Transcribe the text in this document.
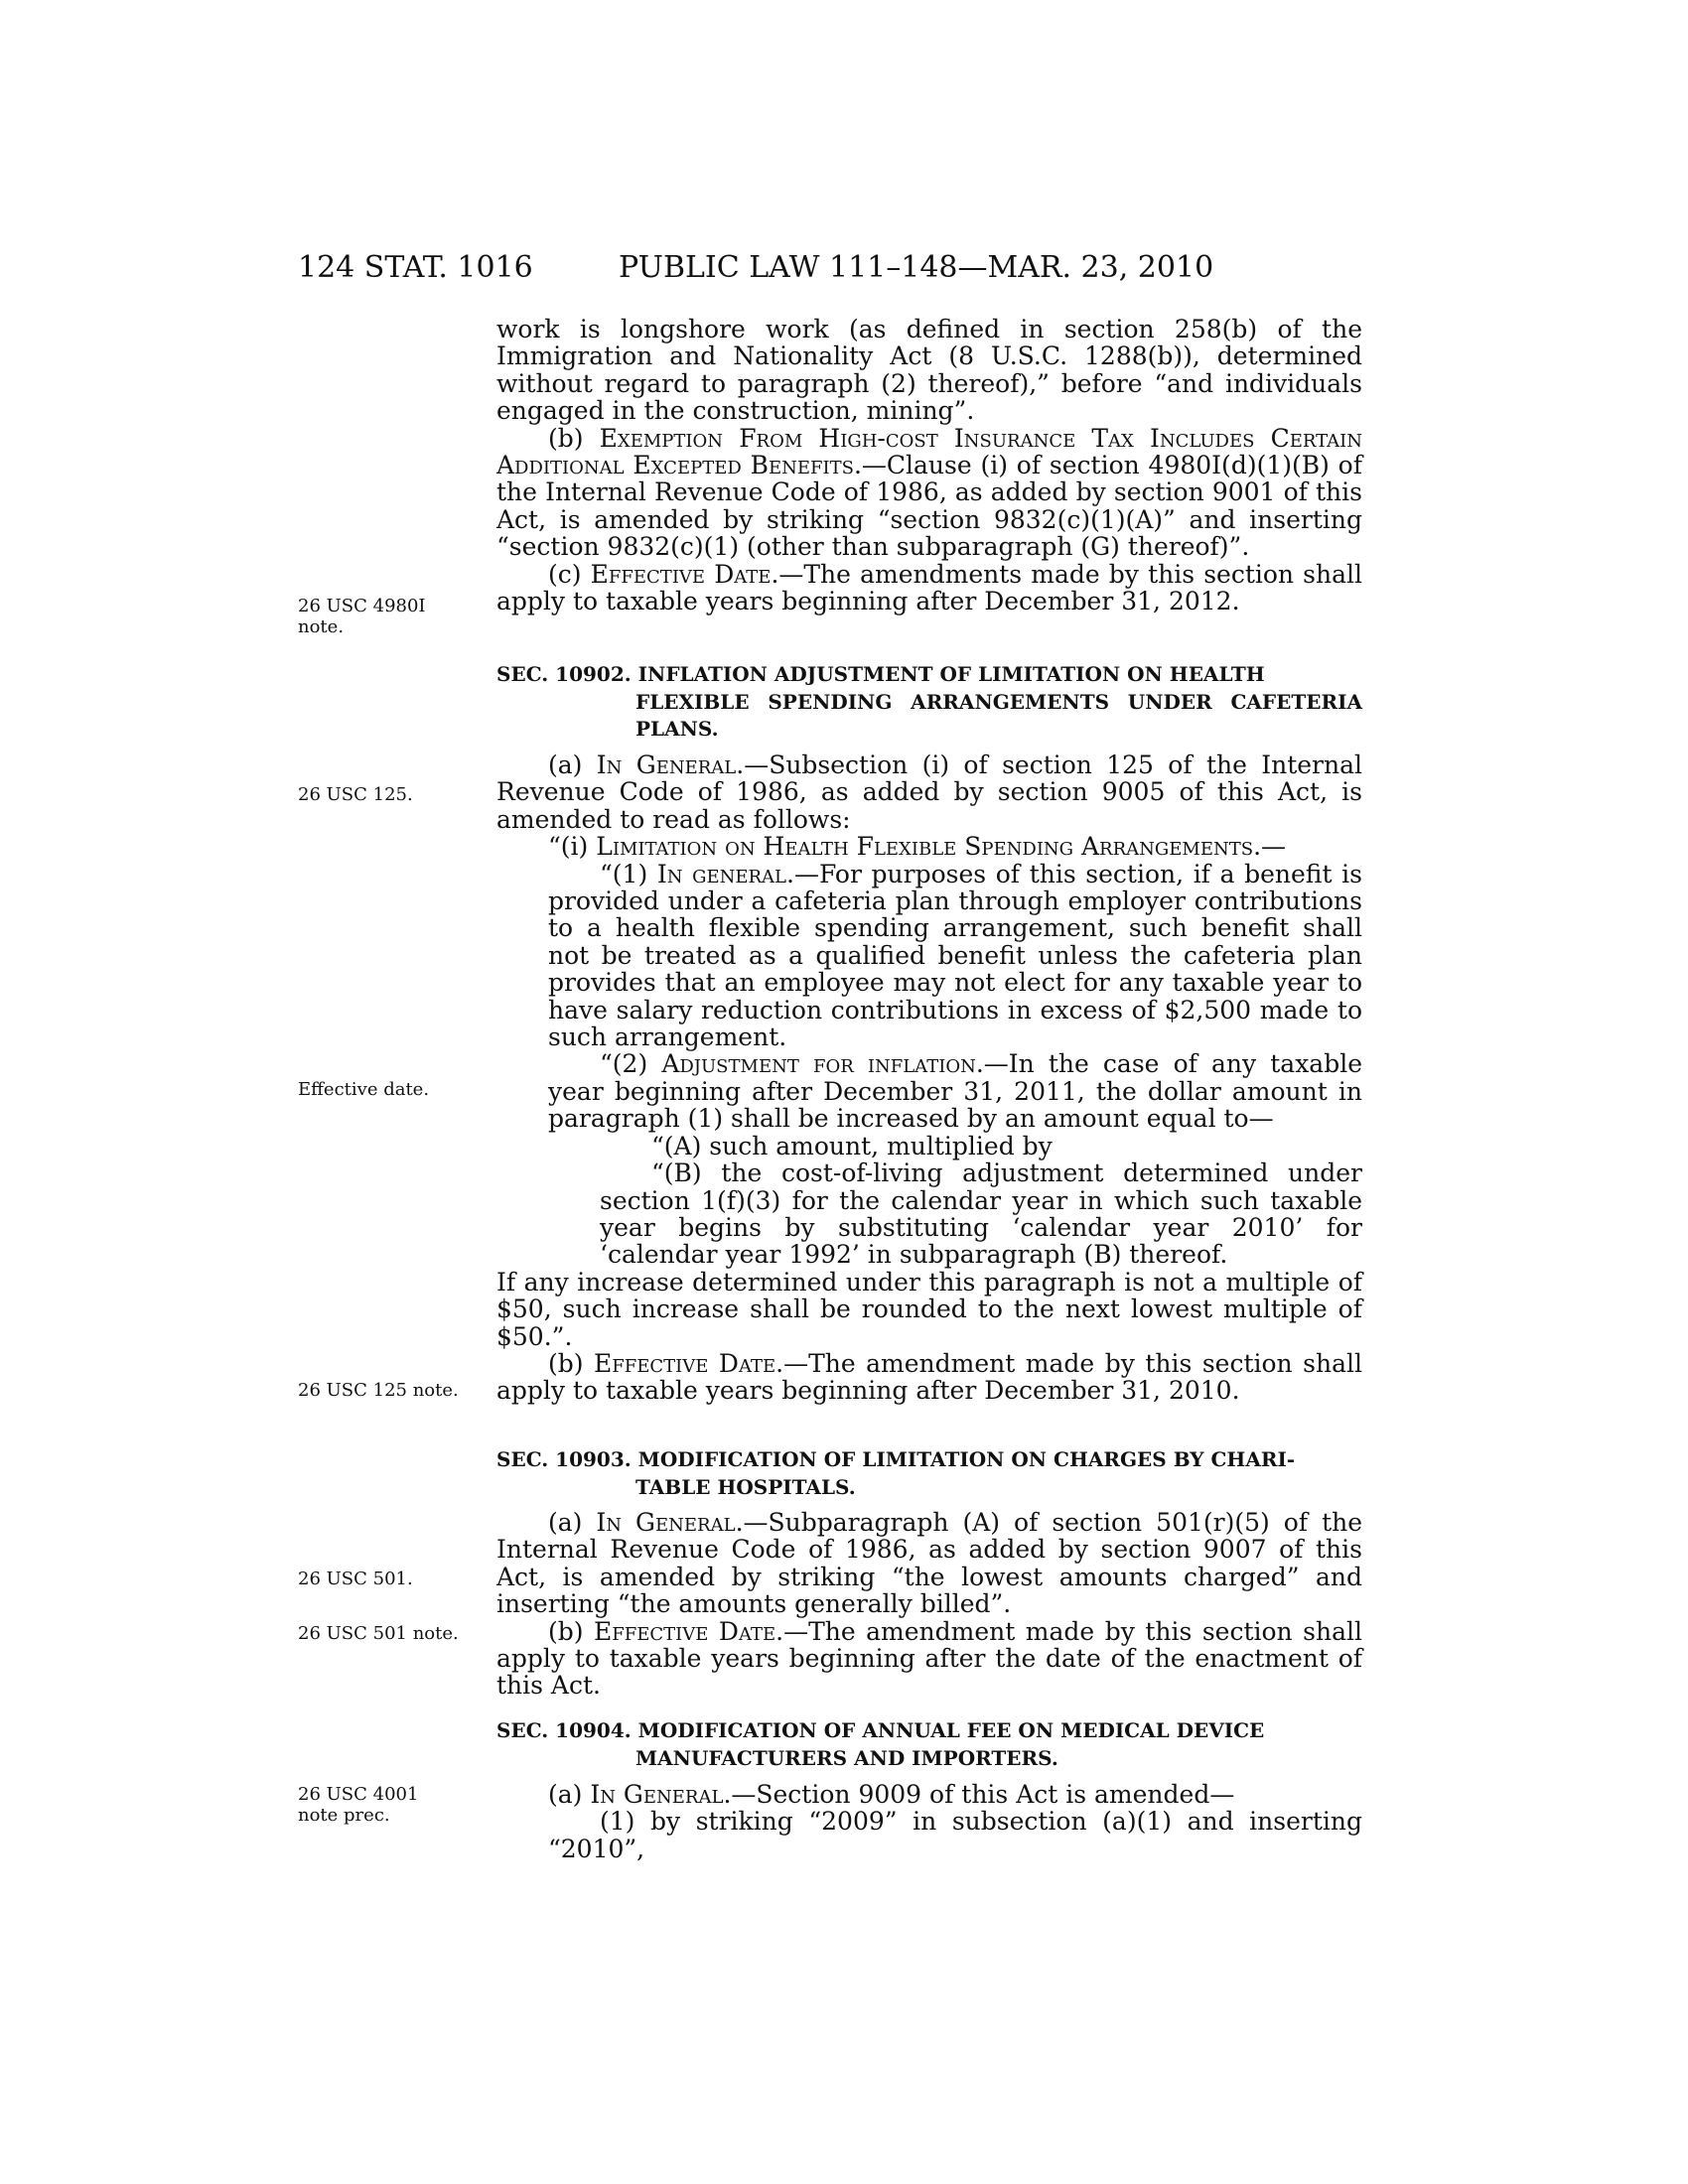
124 STAT. 1016	PUBLIC LAW 111–148—MAR. 23, 2010

work is longshore work (as defined in section 258(b) of the Immigration and Nationality Act (8 U.S.C. 1288(b)), determined without regard to paragraph (2) thereof),” before “and individuals engaged in the construction, mining”.

(b) Exemption From High-cost Insurance Tax Includes Certain Additional Excepted Benefits.—Clause (i) of section 4980I(d)(1)(B) of the Internal Revenue Code of 1986, as added by section 9001 of this Act, is amended by striking “section 9832(c)(1)(A)” and inserting “section 9832(c)(1) (other than subparagraph (G) thereof)”.

(c) Effective Date.—The amendments made by this section shall apply to taxable years beginning after December 31, 2012.

26 USC 4980I
note.

SEC. 10902. INFLATION ADJUSTMENT OF LIMITATION ON HEALTH

FLEXIBLE SPENDING ARRANGEMENTS UNDER CAFETERIA PLANS.

(a) In General.—Subsection (i) of section 125 of the Internal Revenue Code of 1986, as added by section 9005 of this Act, is amended to read as follows:

“(i) Limitation on Health Flexible Spending Arrangements.—

“(1) In general.—For purposes of this section, if a benefit is provided under a cafeteria plan through employer contributions to a health flexible spending arrangement, such benefit shall not be treated as a qualified benefit unless the cafeteria plan provides that an employee may not elect for any taxable year to have salary reduction contributions in excess of $2,500 made to such arrangement.

“(2) Adjustment for inflation.—In the case of any taxable year beginning after December 31, 2011, the dollar amount in paragraph (1) shall be increased by an amount equal to—

“(A) such amount, multiplied by

“(B) the cost-of-living adjustment determined under section 1(f)(3) for the calendar year in which such taxable year begins by substituting ‘calendar year 2010’ for ‘calendar year 1992’ in subparagraph (B) thereof.

If any increase determined under this paragraph is not a multiple of $50, such increase shall be rounded to the next lowest multiple of $50.”.

(b) Effective Date.—The amendment made by this section shall apply to taxable years beginning after December 31, 2010.

26 USC 125.
Effective date.
26 USC 125 note.

SEC. 10903. MODIFICATION OF LIMITATION ON CHARGES BY CHARI-

TABLE HOSPITALS.

(a) In General.—Subparagraph (A) of section 501(r)(5) of the Internal Revenue Code of 1986, as added by section 9007 of this Act, is amended by striking “the lowest amounts charged” and inserting “the amounts generally billed”.

(b) Effective Date.—The amendment made by this section shall apply to taxable years beginning after the date of the enactment of this Act.

26 USC 501.
26 USC 501 note.

SEC. 10904. MODIFICATION OF ANNUAL FEE ON MEDICAL DEVICE

MANUFACTURERS AND IMPORTERS.

(a) In General.—Section 9009 of this Act is amended—

(1) by striking “2009” in subsection (a)(1) and inserting “2010”,

26 USC 4001
note prec.
